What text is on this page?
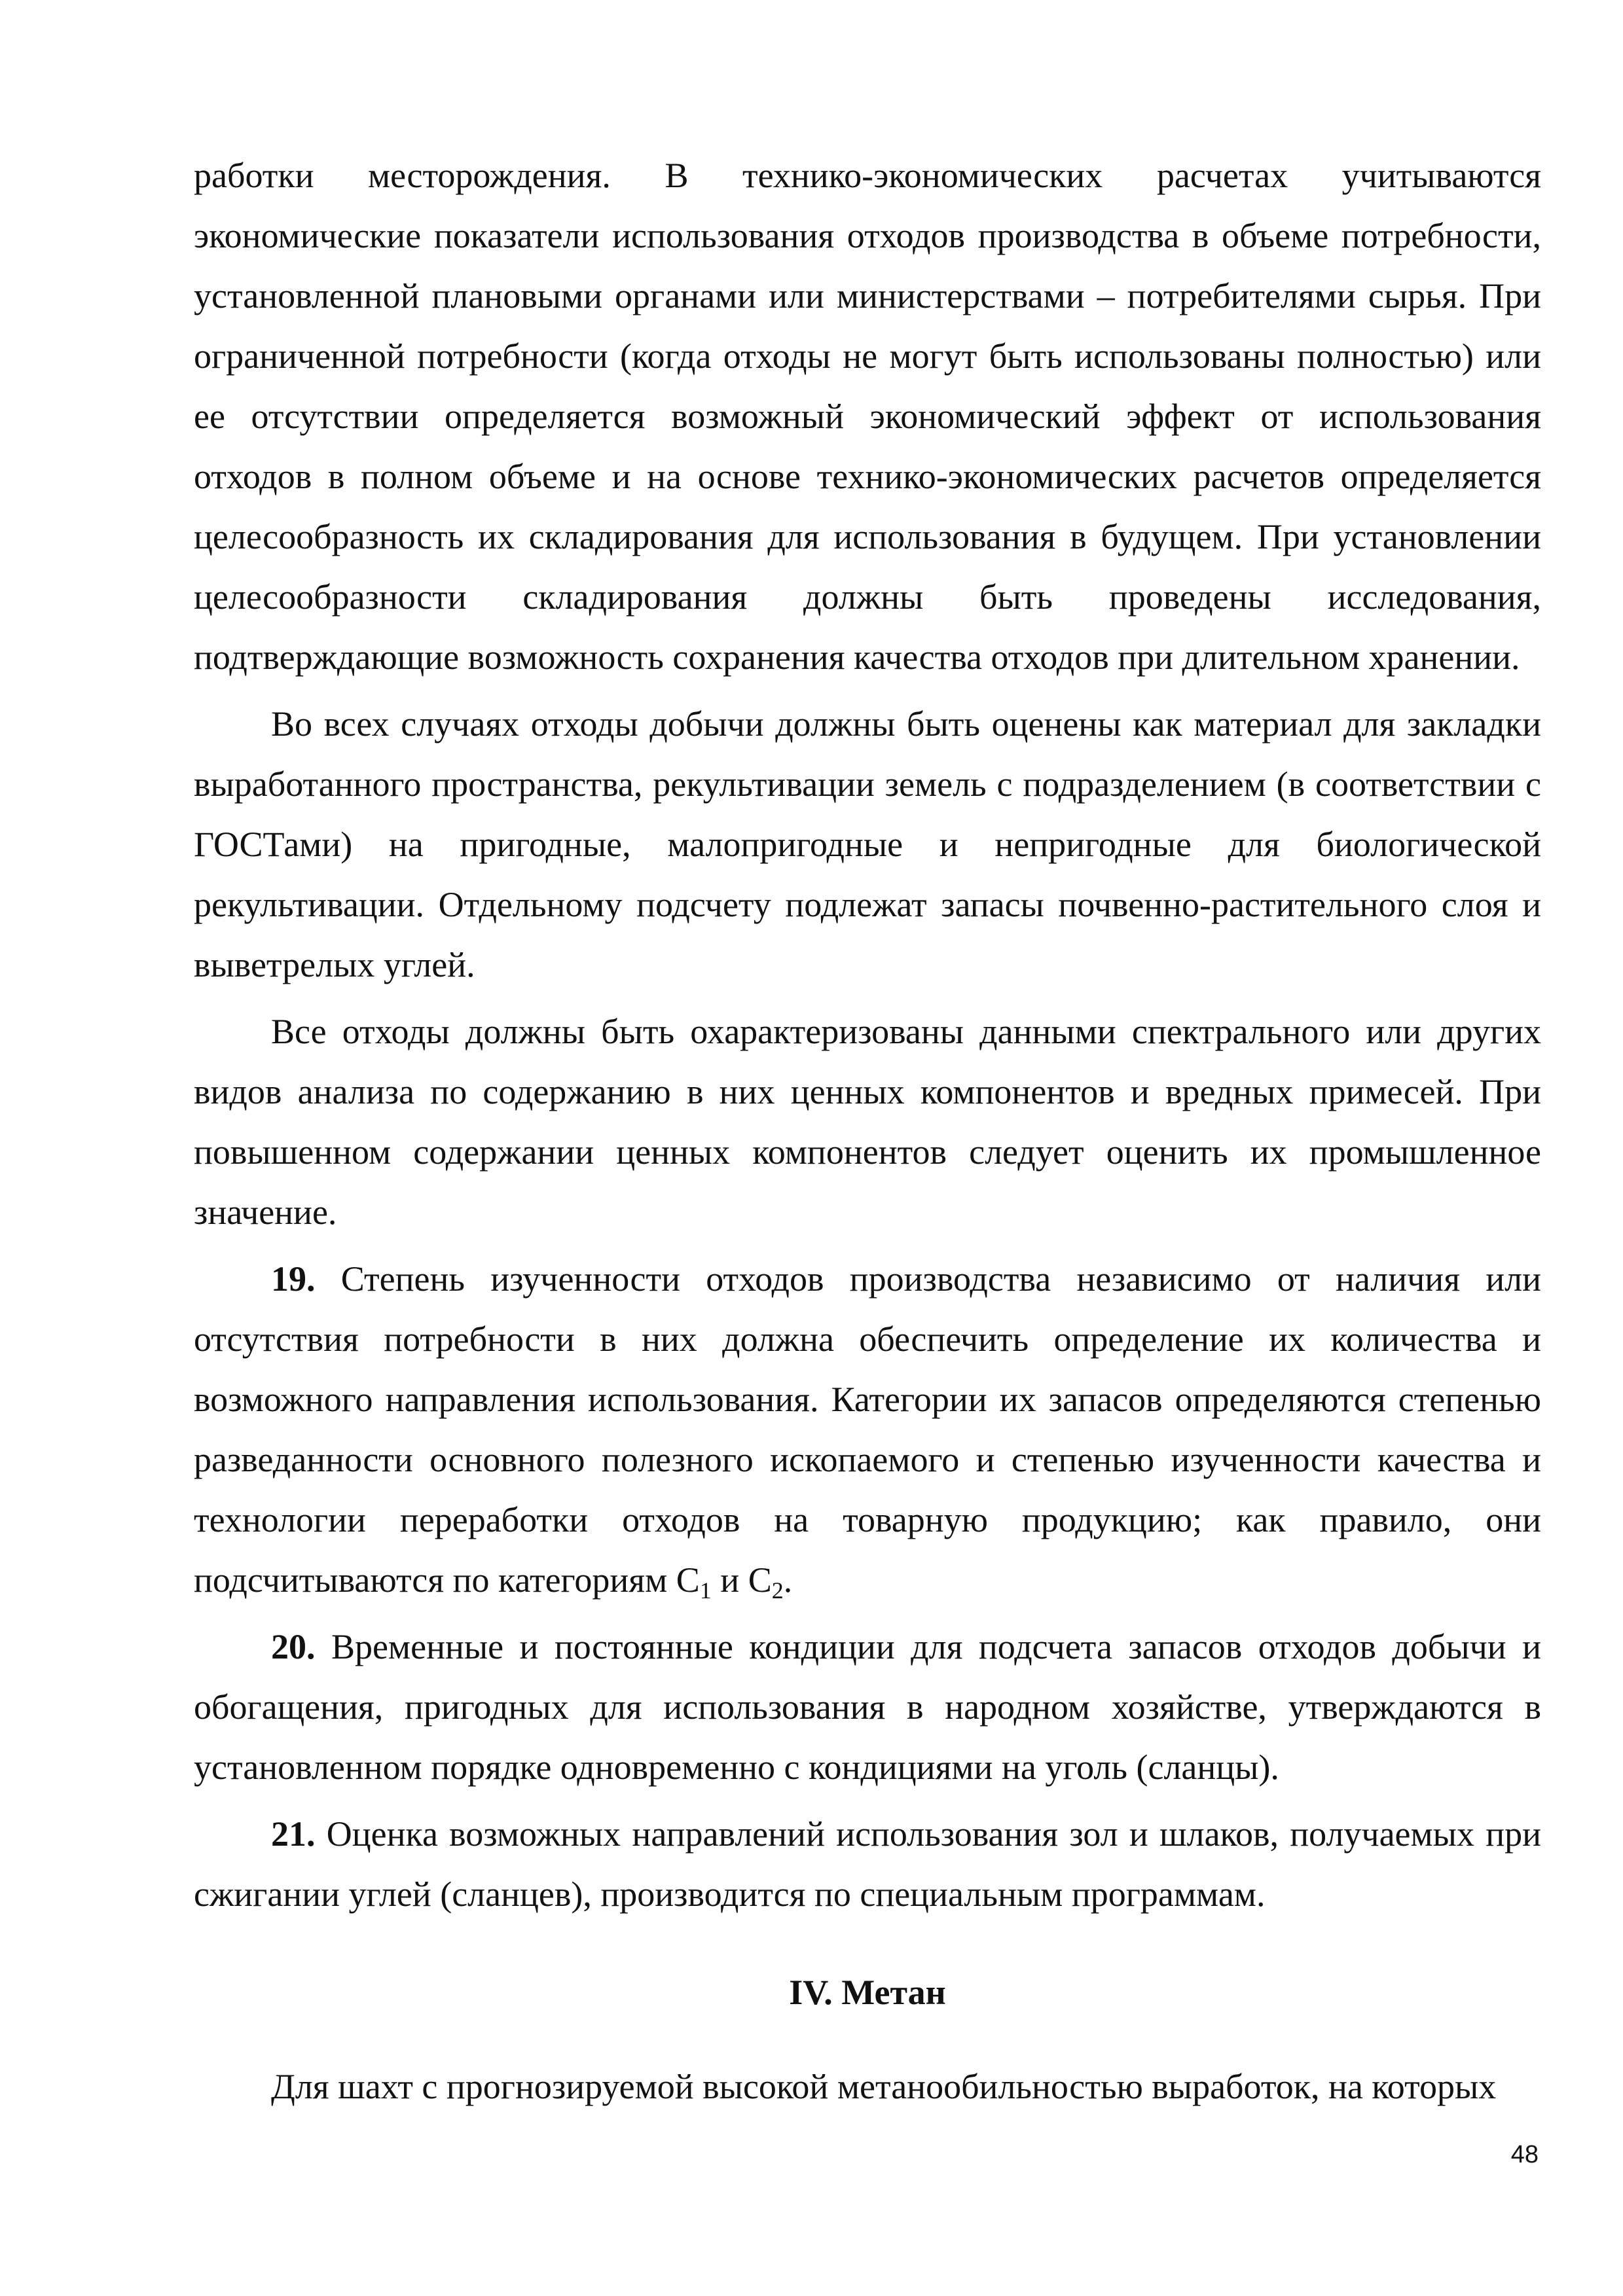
работки месторождения. В технико-экономических расчетах учитываются экономические показатели использования отходов производства в объеме потребности, установленной плановыми органами или министерствами – потребителями сырья. При ограниченной потребности (когда отходы не могут быть использованы полностью) или ее отсутствии определяется возможный экономический эффект от использования отходов в полном объеме и на основе технико-экономических расчетов определяется целесообразность их складирования для использования в будущем. При установлении целесообразности складирования должны быть проведены исследования, подтверждающие возможность сохранения качества отходов при длительном хранении.

Во всех случаях отходы добычи должны быть оценены как материал для закладки выработанного пространства, рекультивации земель с подразделением (в соответствии с ГОСТами) на пригодные, малопригодные и непригодные для биологической рекультивации. Отдельному подсчету подлежат запасы почвенно-растительного слоя и выветрелых углей.

Все отходы должны быть охарактеризованы данными спектрального или других видов анализа по содержанию в них ценных компонентов и вредных примесей. При повышенном содержании ценных компонентов следует оценить их промышленное значение.

19. Степень изученности отходов производства независимо от наличия или отсутствия потребности в них должна обеспечить определение их количества и возможного направления использования. Категории их запасов определяются степенью разведанности основного полезного ископаемого и степенью изученности качества и технологии переработки отходов на товарную продукцию; как правило, они подсчитываются по категориям $С_1$ и $С_2$.

20. Временные и постоянные кондиции для подсчета запасов отходов добычи и обогащения, пригодных для использования в народном хозяйстве, утверждаются в установленном порядке одновременно с кондициями на уголь (сланцы).

21. Оценка возможных направлений использования зол и шлаков, получаемых при сжигании углей (сланцев), производится по специальным программам.

IV. Метан

Для шахт с прогнозируемой высокой метанообильностью выработок, на которых

48
